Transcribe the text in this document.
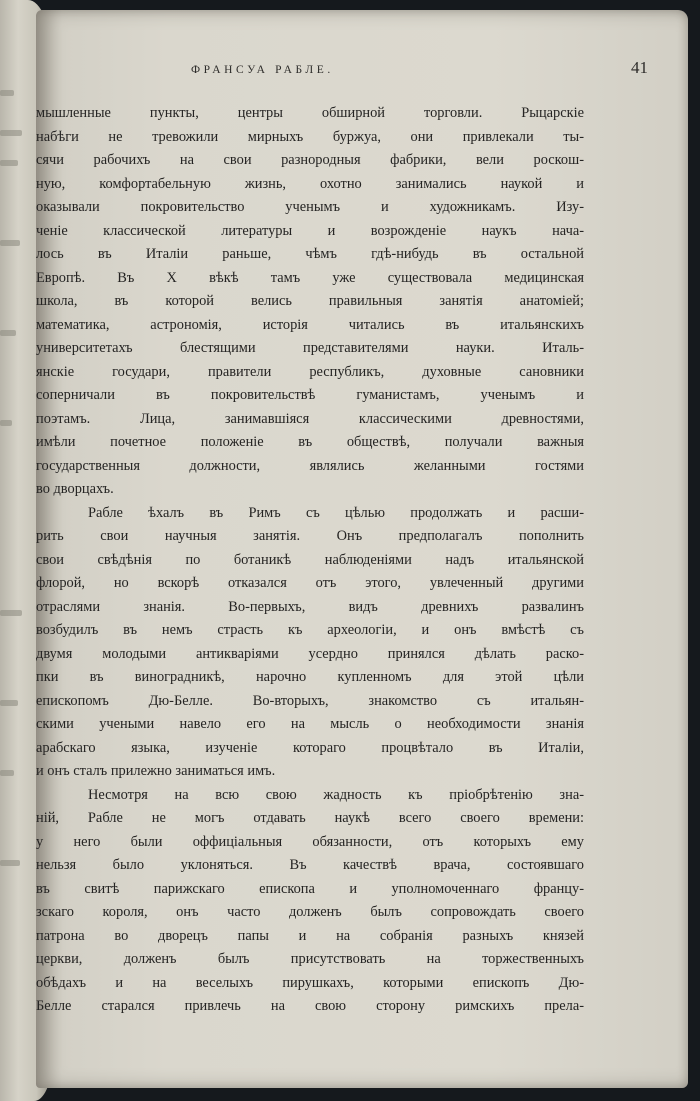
ФРАНСУА РАБЛЕ.	41
мышленные пункты, центры обширной торговли. Рыцарскіе
набѣги не тревожили мирныхъ буржуа, они привлекали ты-
сячи рабочихъ на свои разнородныя фабрики, вели роскош-
ную, комфортабельную жизнь, охотно занимались наукой и
оказывали покровительство ученымъ и художникамъ. Изу-
ченіе классической литературы и возрожденіе наукъ нача-
лось въ Италіи раньше, чѣмъ гдѣ-нибудь въ остальной
Европѣ. Въ X вѣкѣ тамъ уже существовала медицинская
школа, въ которой велись правильныя занятія анатоміей;
математика, астрономія, исторія читались въ итальянскихъ
университетахъ блестящими представителями науки. Италь-
янскіе государи, правители республикъ, духовные сановники
соперничали въ покровительствѣ гуманистамъ, ученымъ и
поэтамъ. Лица, занимавшіяся классическими древностями,
имѣли почетное положеніе въ обществѣ, получали важныя
государственныя должности, являлись желанными гостями
во дворцахъ.
Рабле ѣхалъ въ Римъ съ цѣлью продолжать и расши-
рить свои научныя занятія. Онъ предполагалъ пополнить
свои свѣдѣнія по ботаникѣ наблюденіями надъ итальянской
флорой, но вскорѣ отказался отъ этого, увлеченный другими
отраслями знанія. Во-первыхъ, видъ древнихъ развалинъ
возбудилъ въ немъ страсть къ археологіи, и онъ вмѣстѣ съ
двумя молодыми антикваріями усердно принялся дѣлать раско-
пки въ виноградникѣ, нарочно купленномъ для этой цѣли
епископомъ Дю-Белле. Во-вторыхъ, знакомство съ итальян-
скими учеными навело его на мысль о необходимости знанія
арабскаго языка, изученіе котораго процвѣтало въ Италіи,
и онъ сталъ прилежно заниматься имъ.
Несмотря на всю свою жадность къ пріобрѣтенію зна-
ній, Рабле не могъ отдавать наукѣ всего своего времени:
у него были оффиціальныя обязанности, отъ которыхъ ему
нельзя было уклоняться. Въ качествѣ врача, состоявшаго
въ свитѣ парижскаго епископа и уполномоченнаго францу-
зскаго короля, онъ часто долженъ былъ сопровождать своего
патрона во дворецъ папы и на собранія разныхъ князей
церкви, долженъ былъ присутствовать на торжественныхъ
обѣдахъ и на веселыхъ пирушкахъ, которыми епископъ Дю-
Белле старался привлечь на свою сторону римскихъ прела-
